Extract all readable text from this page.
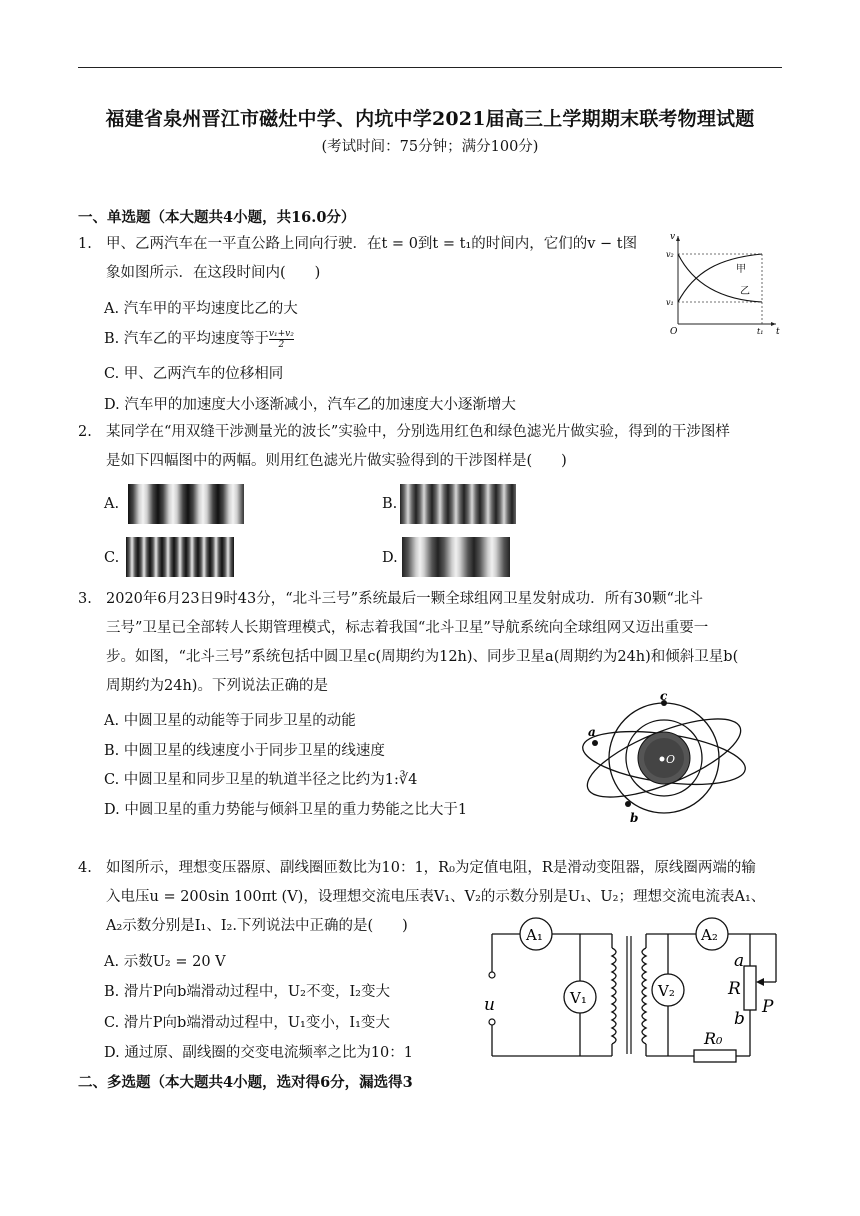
福建省泉州晋江市磁灶中学、内坑中学2021届高三上学期期末联考物理试题
(考试时间：75分钟；满分100分)
一、单选题（本大题共4小题，共16.0分）
1. 甲、乙两汽车在一平直公路上同向行驶．在t = 0到t = t₁的时间内，它们的v − t图
象如图所示．在这段时间内(　　)
A. 汽车甲的平均速度比乙的大
B. 汽车乙的平均速度等于 $\frac{\text{v₁+v₂}}{2}$
C. 甲、乙两汽车的位移相同
D. 汽车甲的加速度大小逐渐减小，汽车乙的加速度大小逐渐增大
v
t
O
v₂
v₁
t₁
甲
乙
2. 某同学在“用双缝干涉测量光的波长”实验中，分别选用红色和绿色滤光片做实验，得到的干涉图样
是如下四幅图中的两幅。则用红色滤光片做实验得到的干涉图样是(　　)
A.	B.
C.	D.
3. 2020年6月23日9时43分，“北斗三号”系统最后一颗全球组网卫星发射成功．所有30颗“北斗
三号”卫星已全部转人长期管理模式，标志着我国“北斗卫星”导航系统向全球组网又迈出重要一
步。如图，“北斗三号”系统包括中圆卫星c(周期约为12h)、同步卫星a(周期约为24h)和倾斜卫星b(
周期约为24h)。下列说法正确的是
A. 中圆卫星的动能等于同步卫星的动能
B. 中圆卫星的线速度小于同步卫星的线速度
C. 中圆卫星和同步卫星的轨道半径之比约为1:∛4
D. 中圆卫星的重力势能与倾斜卫星的重力势能之比大于1
c
a
b
O
4. 如图所示，理想变压器原、副线圈匝数比为10：1，R₀为定值电阻，R是滑动变阻器，原线圈两端的输
入电压u = 200sin 100πt (V)，设理想交流电压表V₁、V₂的示数分别是U₁、U₂；理想交流电流表A₁、
A₂示数分别是I₁、I₂.下列说法中正确的是(　　)
A. 示数U₂ = 20 V
B. 滑片P向b端滑动过程中，U₂不变，I₂变大
C. 滑片P向b端滑动过程中，U₁变小，I₁变大
D. 通过原、副线圈的交变电流频率之比为10：1
A₁
u	V₁
A₂
V₂
R₀
a
R
b
P
二、多选题（本大题共4小题，选对得6分，漏选得3
